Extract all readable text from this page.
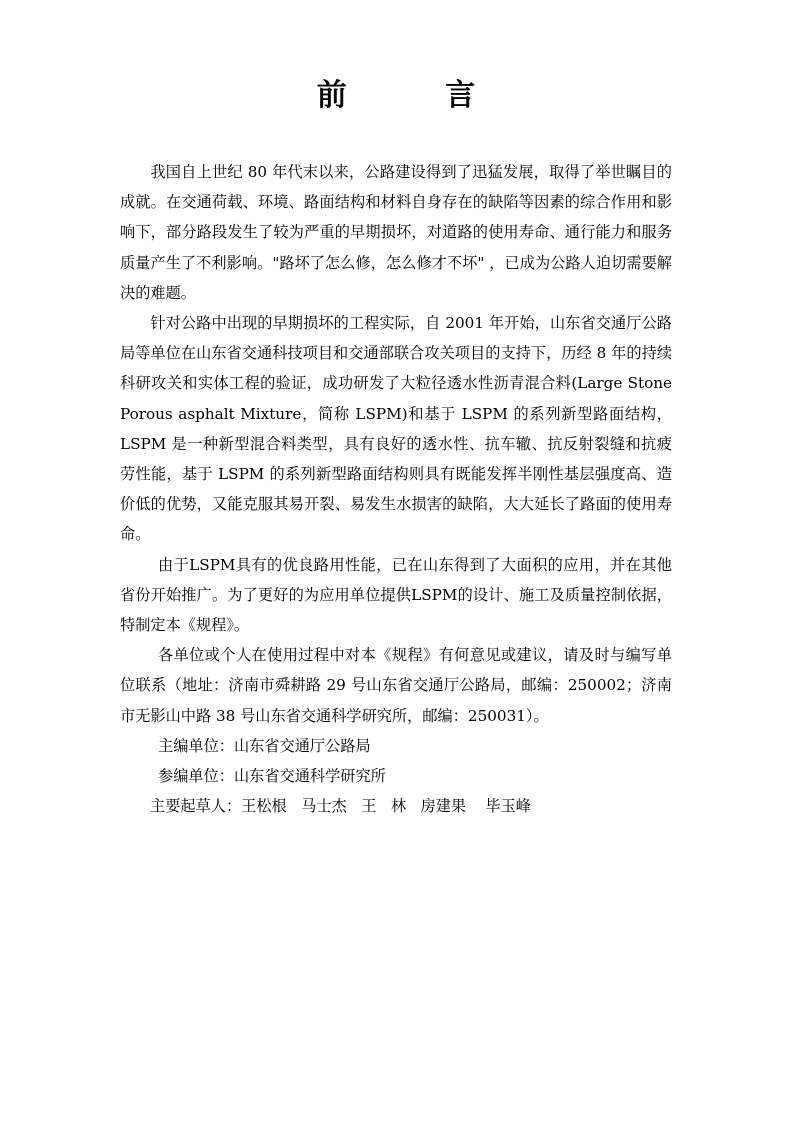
前 言

我国自上世纪 80 年代末以来，公路建设得到了迅猛发展，取得了举世瞩目的成就。在交通荷载、环境、路面结构和材料自身存在的缺陷等因素的综合作用和影响下，部分路段发生了较为严重的早期损坏，对道路的使用寿命、通行能力和服务质量产生了不利影响。"路坏了怎么修，怎么修才不坏" ，已成为公路人迫切需要解决的难题。

针对公路中出现的早期损坏的工程实际，自 2001 年开始，山东省交通厅公路局等单位在山东省交通科技项目和交通部联合攻关项目的支持下，历经 8 年的持续科研攻关和实体工程的验证，成功研发了大粒径透水性沥青混合料(Large Stone Porous asphalt Mixture，简称 LSPM)和基于 LSPM 的系列新型路面结构，LSPM 是一种新型混合料类型，具有良好的透水性、抗车辙、抗反射裂缝和抗疲劳性能，基于 LSPM 的系列新型路面结构则具有既能发挥半刚性基层强度高、造价低的优势，又能克服其易开裂、易发生水损害的缺陷，大大延长了路面的使用寿命。

由于LSPM具有的优良路用性能，已在山东得到了大面积的应用，并在其他省份开始推广。为了更好的为应用单位提供LSPM的设计、施工及质量控制依据，特制定本《规程》。

各单位或个人在使用过程中对本《规程》有何意见或建议，请及时与编写单位联系（地址：济南市舜耕路 29 号山东省交通厅公路局，邮编：250002；济南市无影山中路 38 号山东省交通科学研究所，邮编：250031）。

主编单位：山东省交通厅公路局

参编单位：山东省交通科学研究所

主要起草人：王松根   马士杰   王   林   房建果    毕玉峰
